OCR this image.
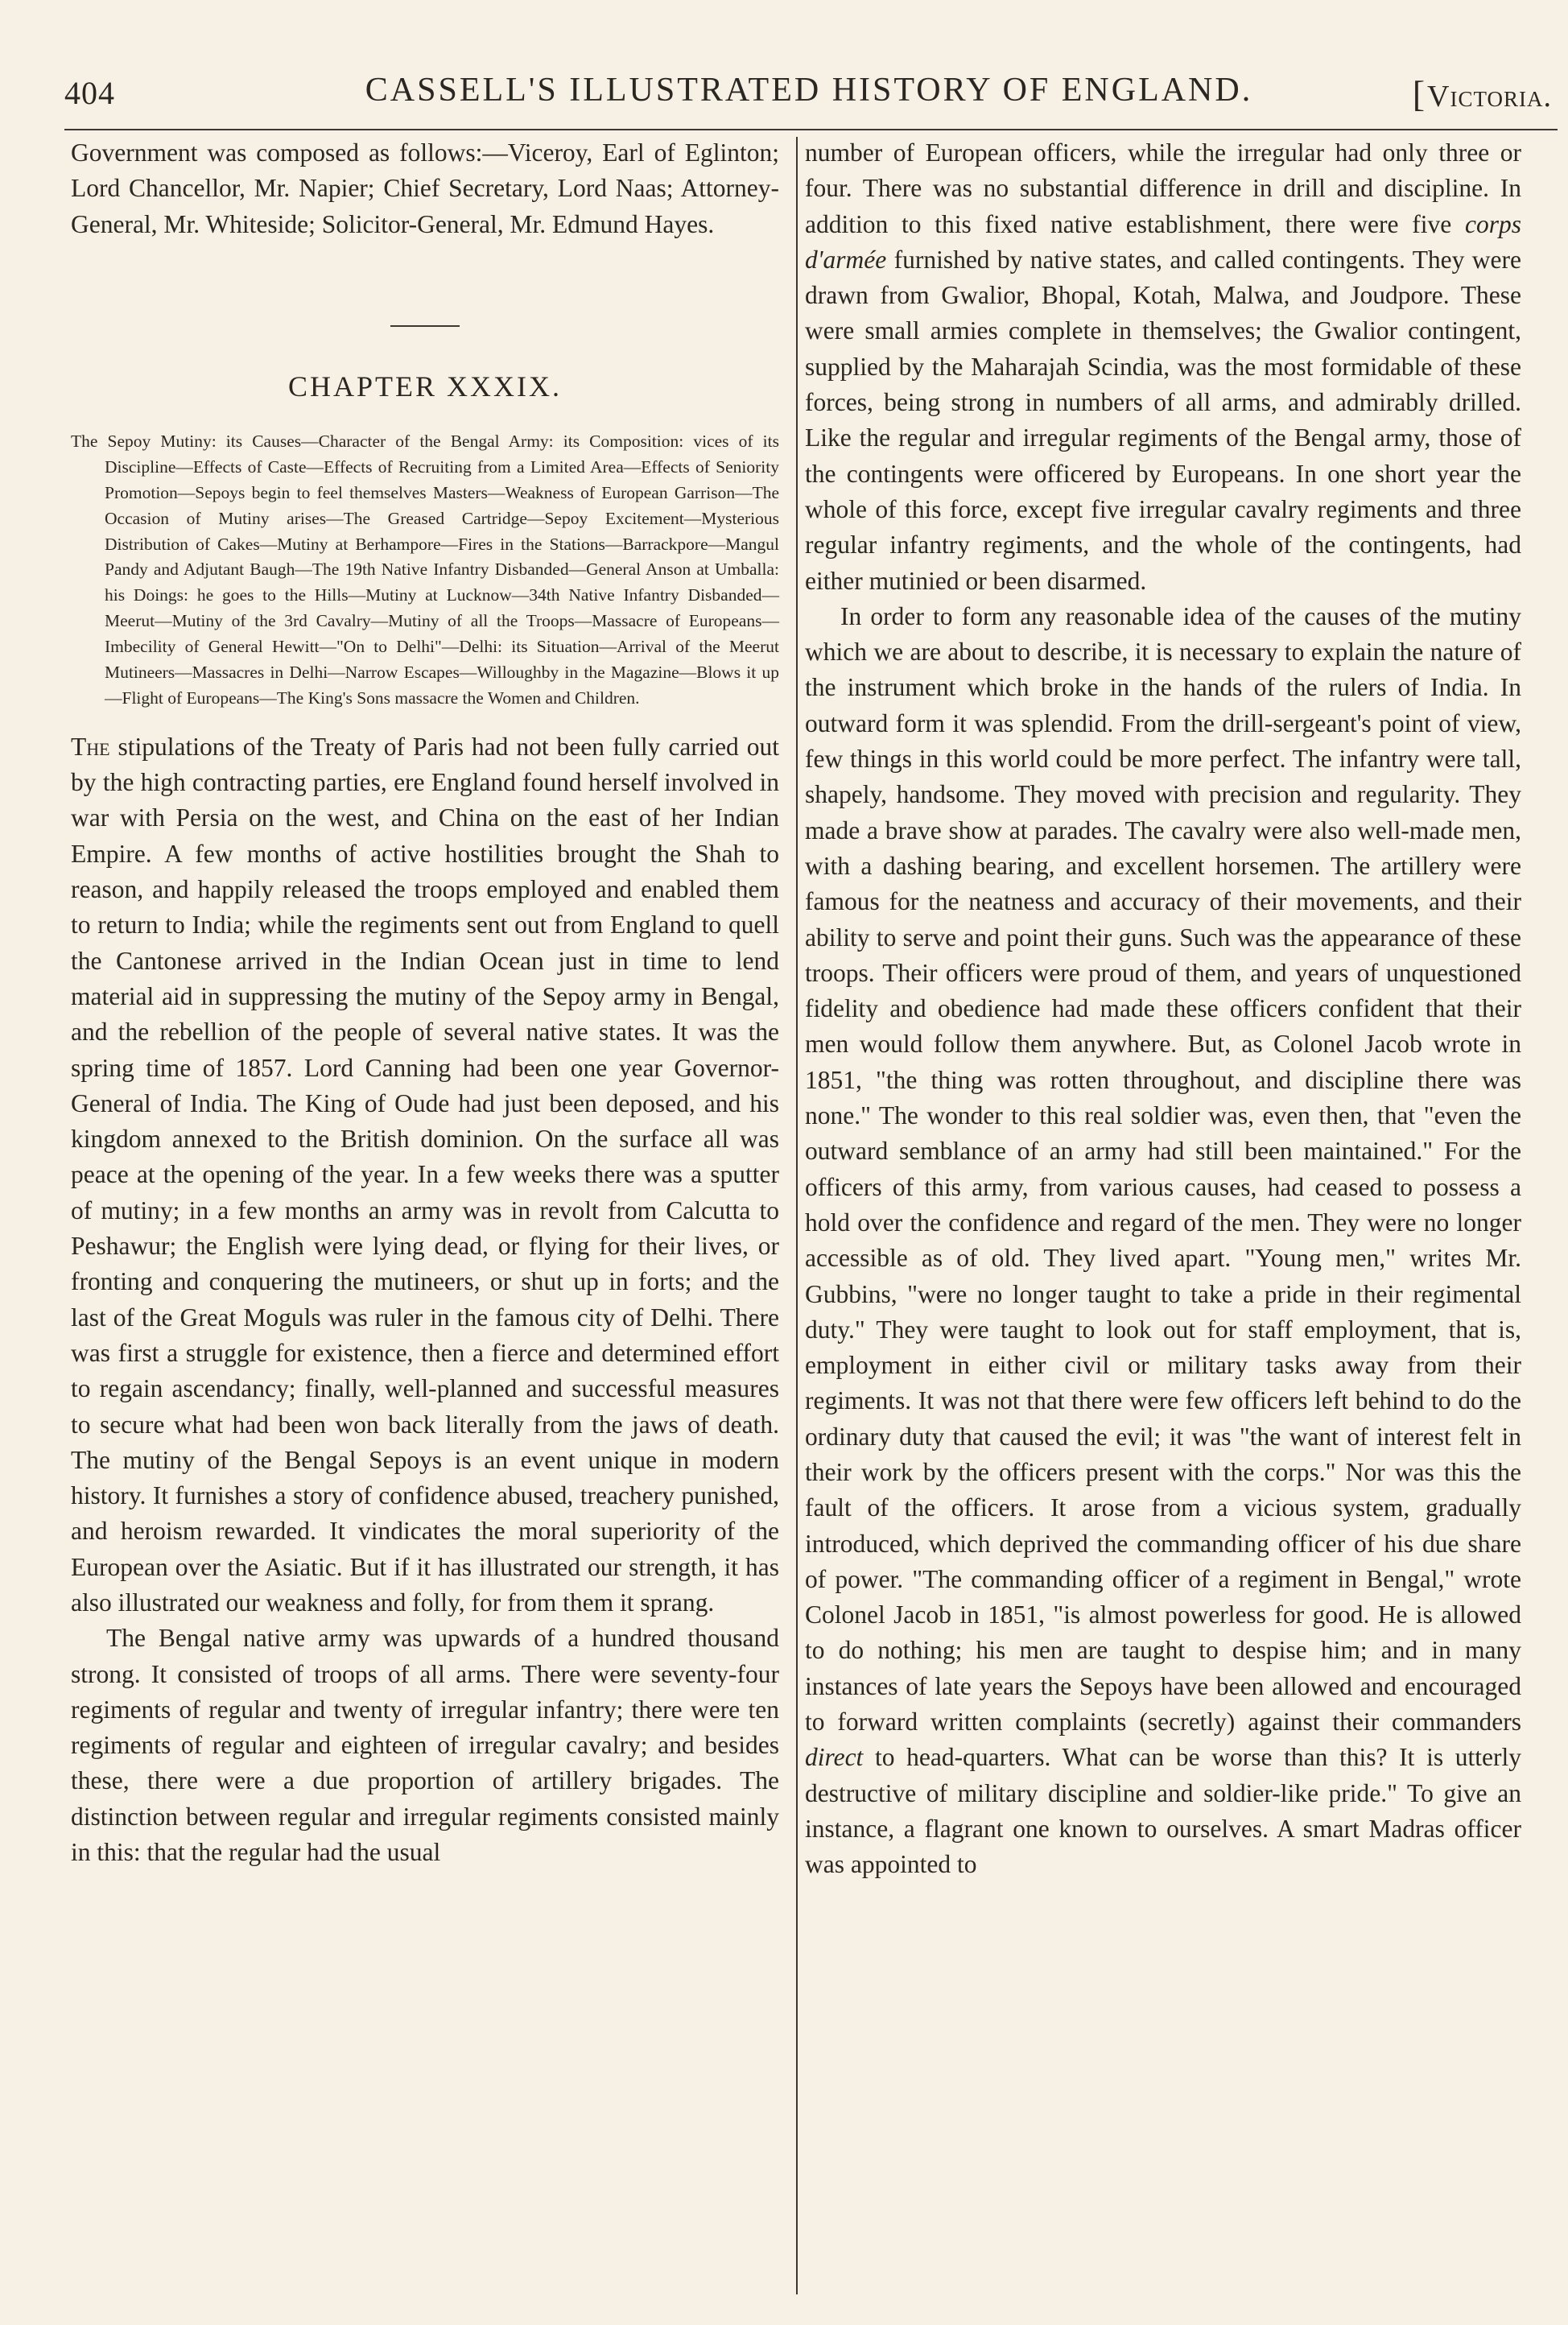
404	CASSELL'S ILLUSTRATED HISTORY OF ENGLAND.	[Victoria.

Government was composed as follows:—Viceroy, Earl of Eglinton; Lord Chancellor, Mr. Napier; Chief Secretary, Lord Naas; Attorney-General, Mr. Whiteside; Solicitor-General, Mr. Edmund Hayes.

CHAPTER XXXIX.
The Sepoy Mutiny: its Causes—Character of the Bengal Army: its Composition: vices of its Discipline—Effects of Caste—Effects of Recruiting from a Limited Area—Effects of Seniority Promotion—Sepoys begin to feel themselves Masters—Weakness of European Garrison—The Occasion of Mutiny arises—The Greased Cartridge—Sepoy Excitement—Mysterious Distribution of Cakes—Mutiny at Berhampore—Fires in the Stations—Barrackpore—Mangul Pandy and Adjutant Baugh—The 19th Native Infantry Disbanded—General Anson at Umballa: his Doings: he goes to the Hills—Mutiny at Lucknow—34th Native Infantry Disbanded—Meerut—Mutiny of the 3rd Cavalry—Mutiny of all the Troops—Massacre of Europeans—Imbecility of General Hewitt—"On to Delhi"—Delhi: its Situation—Arrival of the Meerut Mutineers—Massacres in Delhi—Narrow Escapes—Willoughby in the Magazine—Blows it up—Flight of Europeans—The King's Sons massacre the Women and Children.

The stipulations of the Treaty of Paris had not been fully carried out by the high contracting parties, ere England found herself involved in war with Persia on the west, and China on the east of her Indian Empire. A few months of active hostilities brought the Shah to reason, and happily released the troops employed and enabled them to return to India; while the regiments sent out from England to quell the Cantonese arrived in the Indian Ocean just in time to lend material aid in suppressing the mutiny of the Sepoy army in Bengal, and the rebellion of the people of several native states. It was the spring time of 1857. Lord Canning had been one year Governor-General of India. The King of Oude had just been deposed, and his kingdom annexed to the British dominion. On the surface all was peace at the opening of the year. In a few weeks there was a sputter of mutiny; in a few months an army was in revolt from Calcutta to Peshawur; the English were lying dead, or flying for their lives, or fronting and conquering the mutineers, or shut up in forts; and the last of the Great Moguls was ruler in the famous city of Delhi. There was first a struggle for existence, then a fierce and determined effort to regain ascendancy; finally, well-planned and successful measures to secure what had been won back literally from the jaws of death. The mutiny of the Bengal Sepoys is an event unique in modern history. It furnishes a story of confidence abused, treachery punished, and heroism rewarded. It vindicates the moral superiority of the European over the Asiatic. But if it has illustrated our strength, it has also illustrated our weakness and folly, for from them it sprang.

The Bengal native army was upwards of a hundred thousand strong. It consisted of troops of all arms. There were seventy-four regiments of regular and twenty of irregular infantry; there were ten regiments of regular and eighteen of irregular cavalry; and besides these, there were a due proportion of artillery brigades. The distinction between regular and irregular regiments consisted mainly in this: that the regular had the usual

number of European officers, while the irregular had only three or four. There was no substantial difference in drill and discipline. In addition to this fixed native establishment, there were five corps d'armée furnished by native states, and called contingents. They were drawn from Gwalior, Bhopal, Kotah, Malwa, and Joudpore. These were small armies complete in themselves; the Gwalior contingent, supplied by the Maharajah Scindia, was the most formidable of these forces, being strong in numbers of all arms, and admirably drilled. Like the regular and irregular regiments of the Bengal army, those of the contingents were officered by Europeans. In one short year the whole of this force, except five irregular cavalry regiments and three regular infantry regiments, and the whole of the contingents, had either mutinied or been disarmed.

In order to form any reasonable idea of the causes of the mutiny which we are about to describe, it is necessary to explain the nature of the instrument which broke in the hands of the rulers of India. In outward form it was splendid. From the drill-sergeant's point of view, few things in this world could be more perfect. The infantry were tall, shapely, handsome. They moved with precision and regularity. They made a brave show at parades. The cavalry were also well-made men, with a dashing bearing, and excellent horsemen. The artillery were famous for the neatness and accuracy of their movements, and their ability to serve and point their guns. Such was the appearance of these troops. Their officers were proud of them, and years of unquestioned fidelity and obedience had made these officers confident that their men would follow them anywhere. But, as Colonel Jacob wrote in 1851, "the thing was rotten throughout, and discipline there was none." The wonder to this real soldier was, even then, that "even the outward semblance of an army had still been maintained." For the officers of this army, from various causes, had ceased to possess a hold over the confidence and regard of the men. They were no longer accessible as of old. They lived apart. "Young men," writes Mr. Gubbins, "were no longer taught to take a pride in their regimental duty." They were taught to look out for staff employment, that is, employment in either civil or military tasks away from their regiments. It was not that there were few officers left behind to do the ordinary duty that caused the evil; it was "the want of interest felt in their work by the officers present with the corps." Nor was this the fault of the officers. It arose from a vicious system, gradually introduced, which deprived the commanding officer of his due share of power. "The commanding officer of a regiment in Bengal," wrote Colonel Jacob in 1851, "is almost powerless for good. He is allowed to do nothing; his men are taught to despise him; and in many instances of late years the Sepoys have been allowed and encouraged to forward written complaints (secretly) against their commanders direct to head-quarters. What can be worse than this? It is utterly destructive of military discipline and soldier-like pride." To give an instance, a flagrant one known to ourselves. A smart Madras officer was appointed to
